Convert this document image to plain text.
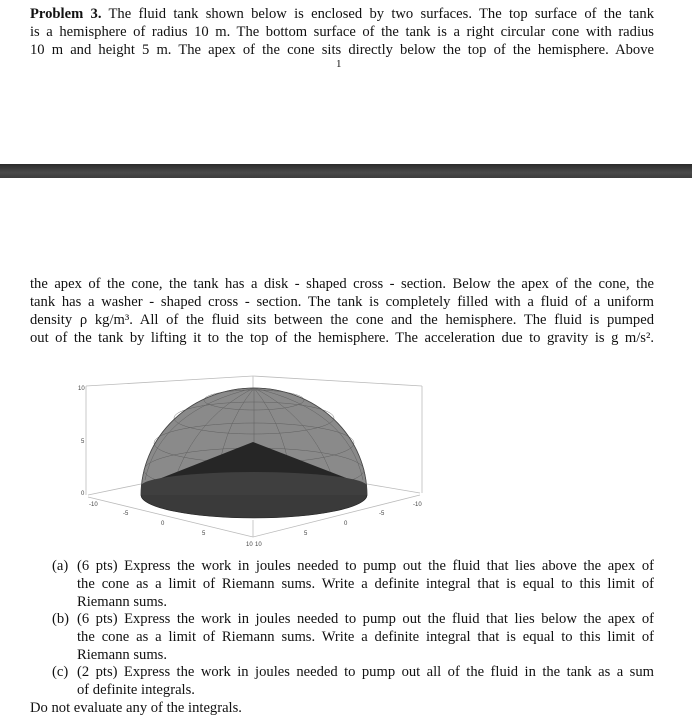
Problem 3. The fluid tank shown below is enclosed by two surfaces. The top surface of the tank
is a hemisphere of radius 10 m. The bottom surface of the tank is a right circular cone with radius
10 m and height 5 m. The apex of the cone sits directly below the top of the hemisphere. Above
1
the apex of the cone, the tank has a disk - shaped cross - section. Below the apex of the cone, the
tank has a washer - shaped cross - section. The tank is completely filled with a fluid of a uniform
density ρ kg/m³. All of the fluid sits between the cone and the hemisphere. The fluid is pumped
out of the tank by lifting it to the top of the hemisphere. The acceleration due to gravity is g m/s².
10
5
0
-10
-5
0
5
10 10
5
0
-5
-10
(a) (6 pts) Express the work in joules needed to pump out the fluid that lies above the apex of
the cone as a limit of Riemann sums. Write a definite integral that is equal to this limit of
Riemann sums.
(b) (6 pts) Express the work in joules needed to pump out the fluid that lies below the apex of
the cone as a limit of Riemann sums. Write a definite integral that is equal to this limit of
Riemann sums.
(c) (2 pts) Express the work in joules needed to pump out all of the fluid in the tank as a sum
of definite integrals.
Do not evaluate any of the integrals.
